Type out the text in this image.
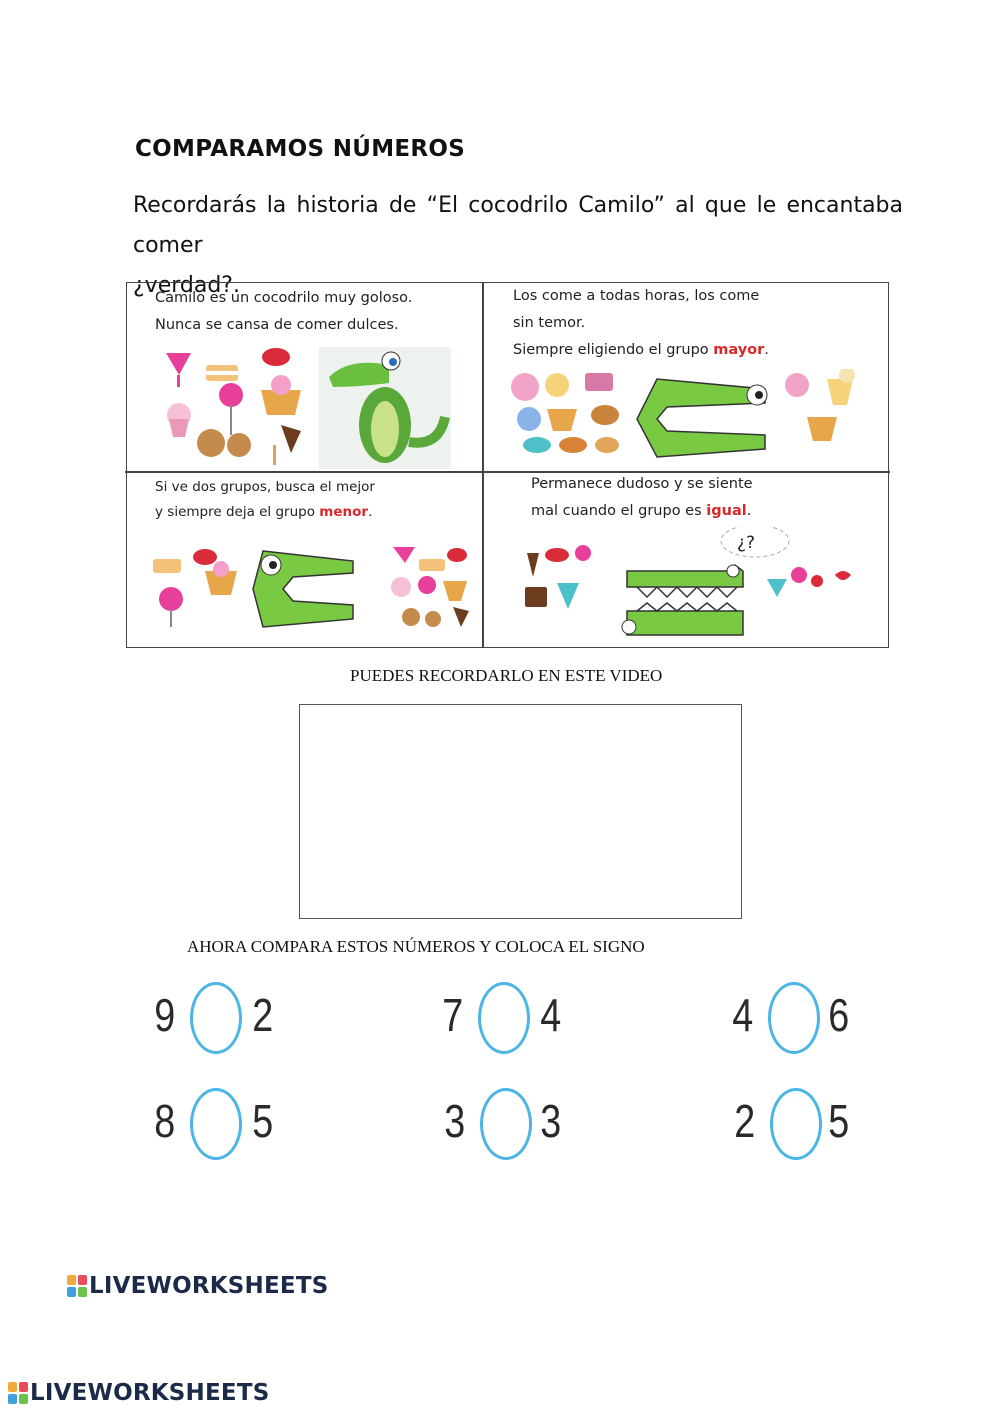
COMPARAMOS NÚMEROS
Recordarás la historia de “El cocodrilo Camilo” al que le encantaba comer
¿verdad?.
Camilo es un cocodrilo muy goloso.
Nunca se cansa de comer dulces.
Los come a todas horas, los come
sin temor.
Siempre eligiendo el grupo mayor.
Si ve dos grupos, busca el mejor
y siempre deja el grupo menor.
Permanece dudoso y se siente
mal cuando el grupo es igual.
¿?
PUEDES RECORDARLO EN ESTE VIDEO
AHORA COMPARA ESTOS NÚMEROS Y COLOCA EL SIGNO
9 2	7 4	4 6
8 5	3 3	2 5
LIVEWORKSHEETS
LIVEWORKSHEETS
